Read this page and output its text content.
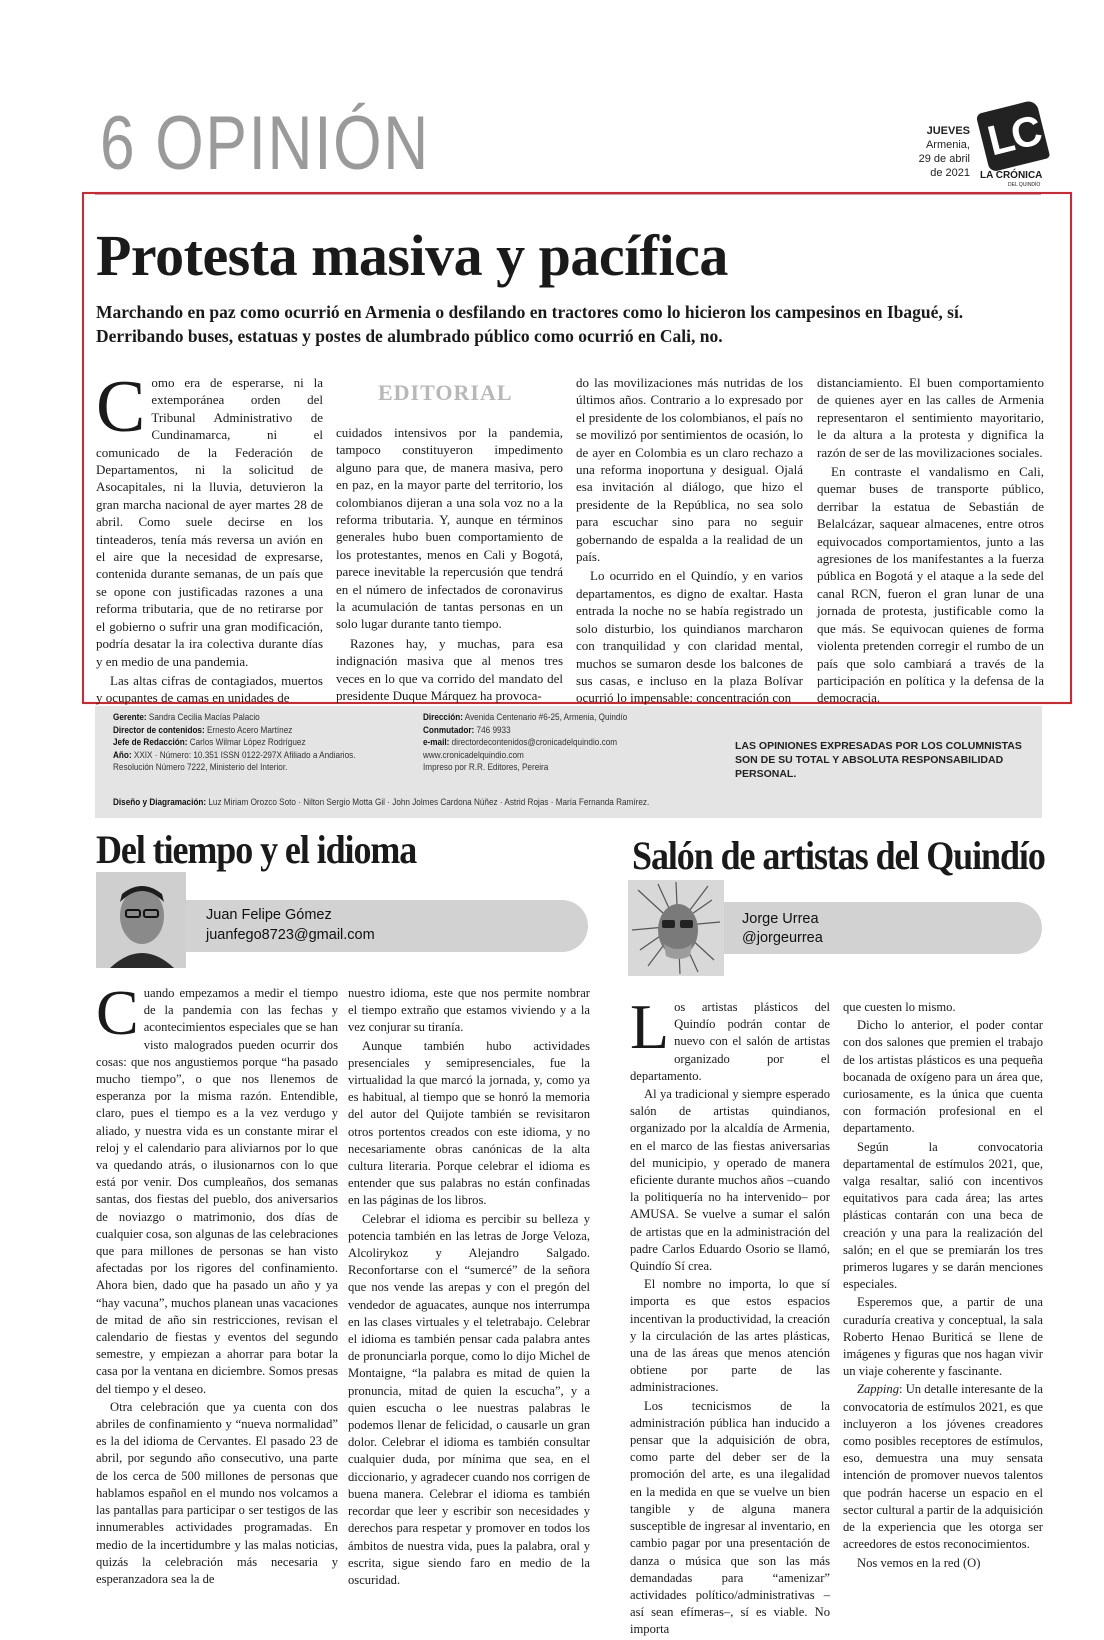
6 OPINIÓN	JUEVES
Armenia,
29 de abril
de 2021
LC
LA CRÓNICA
DEL QUINDÍO
Protesta masiva y pacífica
Marchando en paz como ocurrió en Armenia o desfilando en tractores como lo hicieron los campesinos en Ibagué, sí. Derribando buses, estatuas y postes de alumbrado público como ocurrió en Cali, no.
EDITORIAL

Como era de esperarse, ni la extemporánea orden del Tribunal Administrativo de Cundinamarca, ni el comunicado de la Federación de Departamentos, ni la solicitud de Asocapitales, ni la lluvia, detuvieron la gran marcha nacional de ayer martes 28 de abril. Como suele decirse en los tinteaderos, tenía más reversa un avión en el aire que la necesidad de expresarse, contenida durante semanas, de un país que se opone con justificadas razones a una reforma tributaria, que de no retirarse por el gobierno o sufrir una gran modificación, podría desatar la ira colectiva durante días y en medio de una pandemia.

Las altas cifras de contagiados, muertos y ocupantes de camas en unidades de

cuidados intensivos por la pandemia, tampoco constituyeron impedimento alguno para que, de manera masiva, pero en paz, en la mayor parte del territorio, los colombianos dijeran a una sola voz no a la reforma tributaria. Y, aunque en términos generales hubo buen comportamiento de los protestantes, menos en Cali y Bogotá, parece inevitable la repercusión que tendrá en el número de infectados de coronavirus la acumulación de tantas personas en un solo lugar durante tanto tiempo.

Razones hay, y muchas, para esa indignación masiva que al menos tres veces en lo que va corrido del mandato del presidente Duque Márquez ha provoca-

do las movilizaciones más nutridas de los últimos años. Contrario a lo expresado por el presidente de los colombianos, el país no se movilizó por sentimientos de ocasión, lo de ayer en Colombia es un claro rechazo a una reforma inoportuna y desigual. Ojalá esa invitación al diálogo, que hizo el presidente de la República, no sea solo para escuchar sino para no seguir gobernando de espalda a la realidad de un país.

Lo ocurrido en el Quindío, y en varios departamentos, es digno de exaltar. Hasta entrada la noche no se había registrado un solo disturbio, los quindianos marcharon con tranquilidad y con claridad mental, muchos se sumaron desde los balcones de sus casas, e incluso en la plaza Bolívar ocurrió lo impensable: concentración con

distanciamiento. El buen comportamiento de quienes ayer en las calles de Armenia representaron el sentimiento mayoritario, le da altura a la protesta y dignifica la razón de ser de las movilizaciones sociales.

En contraste el vandalismo en Cali, quemar buses de transporte público, derribar la estatua de Sebastián de Belalcázar, saquear almacenes, entre otros equivocados comportamientos, junto a las agresiones de los manifestantes a la fuerza pública en Bogotá y el ataque a la sede del canal RCN, fueron el gran lunar de una jornada de protesta, justificable como la que más. Se equivocan quienes de forma violenta pretenden corregir el rumbo de un país que solo cambiará a través de la participación en política y la defensa de la democracia.

Gerente: Sandra Cecilia Macías Palacio
Director de contenidos: Ernesto Acero Martínez
Jefe de Redacción: Carlos Wilmar López Rodríguez
Año: XXIX · Número: 10.351 ISSN 0122-297X Afiliado a Andiarios.
Resolución Número 7222, Ministerio del Interior.
Dirección: Avenida Centenario #6-25, Armenia, Quindío
Conmutador: 746 9933
e-mail: directordecontenidos@cronicadelquindio.com
www.cronicadelquindio.com
Impreso por R.R. Editores, Pereira
LAS OPINIONES EXPRESADAS POR LOS COLUMNISTAS SON DE SU TOTAL Y ABSOLUTA RESPONSABILIDAD PERSONAL.
Diseño y Diagramación: Luz Miriam Orozco Soto · Nilton Sergio Motta Gil · John Jolmes Cardona Núñez · Astrid Rojas · María Fernanda Ramírez.
Del tiempo y el idioma
Juan Felipe Gómez
juanfego8723@gmail.com

Cuando empezamos a medir el tiempo de la pandemia con las fechas y acontecimientos especiales que se han visto malogrados pueden ocurrir dos cosas: que nos angustiemos porque “ha pasado mucho tiempo”, o que nos llenemos de esperanza por la misma razón. Entendible, claro, pues el tiempo es a la vez verdugo y aliado, y nuestra vida es un constante mirar el reloj y el calendario para aliviarnos por lo que va quedando atrás, o ilusionarnos con lo que está por venir. Dos cumpleaños, dos semanas santas, dos fiestas del pueblo, dos aniversarios de noviazgo o matrimonio, dos días de cualquier cosa, son algunas de las celebraciones que para millones de personas se han visto afectadas por los rigores del confinamiento. Ahora bien, dado que ha pasado un año y ya “hay vacuna”, muchos planean unas vacaciones de mitad de año sin restricciones, revisan el calendario de fiestas y eventos del segundo semestre, y empiezan a ahorrar para botar la casa por la ventana en diciembre. Somos presas del tiempo y el deseo.

Otra celebración que ya cuenta con dos abriles de confinamiento y “nueva normalidad” es la del idioma de Cervantes. El pasado 23 de abril, por segundo año consecutivo, una parte de los cerca de 500 millones de personas que hablamos español en el mundo nos volcamos a las pantallas para participar o ser testigos de las innumerables actividades programadas. En medio de la incertidumbre y las malas noticias, quizás la celebración más necesaria y esperanzadora sea la de

nuestro idioma, este que nos permite nombrar el tiempo extraño que estamos viviendo y a la vez conjurar su tiranía.

Aunque también hubo actividades presenciales y semipresenciales, fue la virtualidad la que marcó la jornada, y, como ya es habitual, al tiempo que se honró la memoria del autor del Quijote también se revisitaron otros portentos creados con este idioma, y no necesariamente obras canónicas de la alta cultura literaria. Porque celebrar el idioma es entender que sus palabras no están confinadas en las páginas de los libros.

Celebrar el idioma es percibir su belleza y potencia también en las letras de Jorge Veloza, Alcolirykoz y Alejandro Salgado. Reconfortarse con el “sumercé” de la señora que nos vende las arepas y con el pregón del vendedor de aguacates, aunque nos interrumpa en las clases virtuales y el teletrabajo. Celebrar el idioma es también pensar cada palabra antes de pronunciarla porque, como lo dijo Michel de Montaigne, “la palabra es mitad de quien la pronuncia, mitad de quien la escucha”, y a quien escucha o lee nuestras palabras le podemos llenar de felicidad, o causarle un gran dolor. Celebrar el idioma es también consultar cualquier duda, por mínima que sea, en el diccionario, y agradecer cuando nos corrigen de buena manera. Celebrar el idioma es también recordar que leer y escribir son necesidades y derechos para respetar y promover en todos los ámbitos de nuestra vida, pues la palabra, oral y escrita, sigue siendo faro en medio de la oscuridad.

Salón de artistas del Quindío
Jorge Urrea
@jorgeurrea

Los artistas plásticos del Quindío podrán contar de nuevo con el salón de artistas organizado por el departamento.

Al ya tradicional y siempre esperado salón de artistas quindianos, organizado por la alcaldía de Armenia, en el marco de las fiestas aniversarias del municipio, y operado de manera eficiente durante muchos años –cuando la politiquería no ha intervenido– por AMUSA. Se vuelve a sumar el salón de artistas que en la administración del padre Carlos Eduardo Osorio se llamó, Quindío Sí crea.

El nombre no importa, lo que sí importa es que estos espacios incentivan la productividad, la creación y la circulación de las artes plásticas, una de las áreas que menos atención obtiene por parte de las administraciones.

Los tecnicismos de la administración pública han inducido a pensar que la adquisición de obra, como parte del deber ser de la promoción del arte, es una ilegalidad en la medida en que se vuelve un bien tangible y de alguna manera susceptible de ingresar al inventario, en cambio pagar por una presentación de danza o música que son las más demandadas para “amenizar” actividades político/administrativas –así sean efímeras–, sí es viable. No importa

que cuesten lo mismo.

Dicho lo anterior, el poder contar con dos salones que premien el trabajo de los artistas plásticos es una pequeña bocanada de oxígeno para un área que, curiosamente, es la única que cuenta con formación profesional en el departamento.

Según la convocatoria departamental de estímulos 2021, que, valga resaltar, salió con incentivos equitativos para cada área; las artes plásticas contarán con una beca de creación y una para la realización del salón; en el que se premiarán los tres primeros lugares y se darán menciones especiales.

Esperemos que, a partir de una curaduría creativa y conceptual, la sala Roberto Henao Buriticá se llene de imágenes y figuras que nos hagan vivir un viaje coherente y fascinante.

Zapping: Un detalle interesante de la convocatoria de estímulos 2021, es que incluyeron a los jóvenes creadores como posibles receptores de estímulos, eso, demuestra una muy sensata intención de promover nuevos talentos que podrán hacerse un espacio en el sector cultural a partir de la adquisición de la experiencia que les otorga ser acreedores de estos reconocimientos.

Nos vemos en la red (O)
